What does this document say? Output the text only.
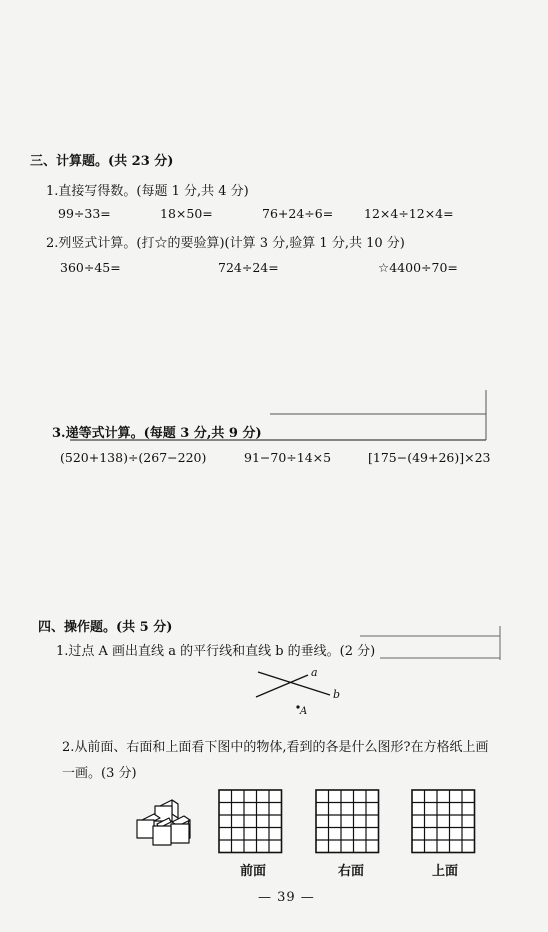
三、计算题。(共 23 分)
1.直接写得数。(每题 1 分,共 4 分)
99÷33=	18×50=	76+24÷6= 12×4÷12×4=
2.列竖式计算。(打☆的要验算)(计算 3 分,验算 1 分,共 10 分)
360÷45=	724÷24=	☆4400÷70=
3.递等式计算。(每题 3 分,共 9 分)
(520+138)÷(267−220)	91−70÷14×5	[175−(49+26)]×23
四、操作题。(共 5 分)
1.过点 A 画出直线 a 的平行线和直线 b 的垂线。(2 分)
a
b
A
2.从前面、右面和上面看下图中的物体,看到的各是什么图形?在方格纸上画
一画。(3 分)
前面	右面	上面
— 39 —
